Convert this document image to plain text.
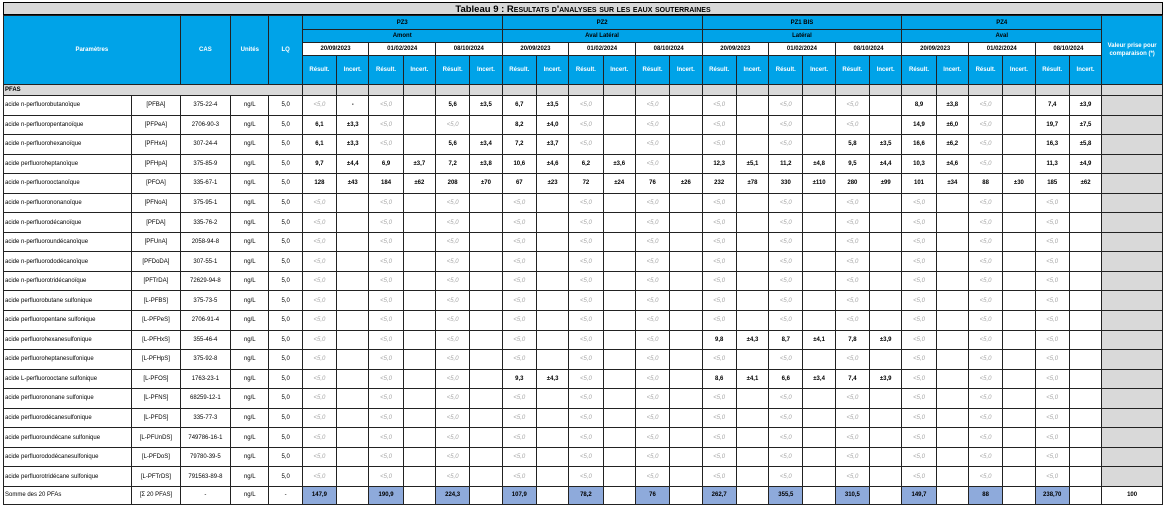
Tableau 9 : Resultats d'analyses sur les eaux souterraines
Paramètres		CAS	Unités	LQ	PZ3						PZ2						PZ1 BIS						PZ4						Valeur prise pour comparaison (*)
					Amont						Aval Latéral						Latéral						Aval						
					20/09/2023		01/02/2024		08/10/2024		20/09/2023		01/02/2024		08/10/2024		20/09/2023		01/02/2024		08/10/2024		20/09/2023		01/02/2024		08/10/2024		
					Résult.	Incert.	Résult.	Incert.	Résult.	Incert.	Résult.	Incert.	Résult.	Incert.	Résult.	Incert.	Résult.	Incert.	Résult.	Incert.	Résult.	Incert.	Résult.	Incert.	Résult.	Incert.	Résult.	Incert.	
PFAS																													
acide n-perfluorobutanoïque	[PFBA]	375-22-4	ng/L	5,0	<5,0	-	<5,0		5,6	±3,5	6,7	±3,5	<5,0		<5,0		<5,0		<5,0		<5,0		8,9	±3,8	<5,0		7,4	±3,9	
acide n-perfluoropentanoïque	[PFPeA]	2706-90-3	ng/L	5,0	6,1	±3,3	<5,0		<5,0		8,2	±4,0	<5,0		<5,0		<5,0		<5,0		<5,0		14,9	±6,0	<5,0		19,7	±7,5	
acide n-perfluorohexanoïque	[PFHxA]	307-24-4	ng/L	5,0	6,1	±3,3	<5,0		5,6	±3,4	7,2	±3,7	<5,0		<5,0		<5,0		<5,0		5,8	±3,5	16,6	±6,2	<5,0		16,3	±5,8	
acide perfluoroheptanoïque	[PFHpA]	375-85-9	ng/L	5,0	9,7	±4,4	6,9	±3,7	7,2	±3,8	10,6	±4,6	6,2	±3,6	<5,0		12,3	±5,1	11,2	±4,8	9,5	±4,4	10,3	±4,6	<5,0		11,3	±4,9	
acide n-perfluorooctanoïque	[PFOA]	335-67-1	ng/L	5,0	128	±43	184	±62	208	±70	67	±23	72	±24	76	±26	232	±78	330	±110	280	±99	101	±34	88	±30	185	±62	
acide n-perfluorononanoïque	[PFNoA]	375-95-1	ng/L	5,0	<5,0		<5,0		<5,0		<5,0		<5,0		<5,0		<5,0		<5,0		<5,0		<5,0		<5,0		<5,0		
acide n-perfluorodécanoïque	[PFDA]	335-76-2	ng/L	5,0	<5,0		<5,0		<5,0		<5,0		<5,0		<5,0		<5,0		<5,0		<5,0		<5,0		<5,0		<5,0		
acide n-perfluoroundécanoïque	[PFUnA]	2058-94-8	ng/L	5,0	<5,0		<5,0		<5,0		<5,0		<5,0		<5,0		<5,0		<5,0		<5,0		<5,0		<5,0		<5,0		
acide n-perfluorododécanoïque	[PFDoDA]	307-55-1	ng/L	5,0	<5,0		<5,0		<5,0		<5,0		<5,0		<5,0		<5,0		<5,0		<5,0		<5,0		<5,0		<5,0		
acide n-perfluorotridécanoïque	[PFTrDA]	72629-94-8	ng/L	5,0	<5,0		<5,0		<5,0		<5,0		<5,0		<5,0		<5,0		<5,0		<5,0		<5,0		<5,0		<5,0		
acide perfluorobutane sulfonique	[L-PFBS]	375-73-5	ng/L	5,0	<5,0		<5,0		<5,0		<5,0		<5,0		<5,0		<5,0		<5,0		<5,0		<5,0		<5,0		<5,0		
acide perfluoropentane sulfonique	[L-PFPeS]	2706-91-4	ng/L	5,0	<5,0		<5,0		<5,0		<5,0		<5,0		<5,0		<5,0		<5,0		<5,0		<5,0		<5,0		<5,0		
acide perfluorohexanesulfonique	[L-PFHxS]	355-46-4	ng/L	5,0	<5,0		<5,0		<5,0		<5,0		<5,0		<5,0		9,8	±4,3	8,7	±4,1	7,8	±3,9	<5,0		<5,0		<5,0		
acide perfluoroheptanesulfonique	[L-PFHpS]	375-92-8	ng/L	5,0	<5,0		<5,0		<5,0		<5,0		<5,0		<5,0		<5,0		<5,0		<5,0		<5,0		<5,0		<5,0		
acide L-perfluorooctane sulfonique	[L-PFOS]	1763-23-1	ng/L	5,0	<5,0		<5,0		<5,0		9,3	±4,3	<5,0		<5,0		8,6	±4,1	6,6	±3,4	7,4	±3,9	<5,0		<5,0		<5,0		
acide perfluorononane sulfonique	[L-PFNS]	68259-12-1	ng/L	5,0	<5,0		<5,0		<5,0		<5,0		<5,0		<5,0		<5,0		<5,0		<5,0		<5,0		<5,0		<5,0		
acide perfluorodécanesulfonique	[L-PFDS]	335-77-3	ng/L	5,0	<5,0		<5,0		<5,0		<5,0		<5,0		<5,0		<5,0		<5,0		<5,0		<5,0		<5,0		<5,0		
acide perfluoroundécane sulfonique	[L-PFUnDS]	749786-16-1	ng/L	5,0	<5,0		<5,0		<5,0		<5,0		<5,0		<5,0		<5,0		<5,0		<5,0		<5,0		<5,0		<5,0		
acide perfluorododécanesulfonique	[L-PFDoS]	79780-39-5	ng/L	5,0	<5,0		<5,0		<5,0		<5,0		<5,0		<5,0		<5,0		<5,0		<5,0		<5,0		<5,0		<5,0		
acide perfluorotridécane sulfonique	[L-PFTrDS]	791563-89-8	ng/L	5,0	<5,0		<5,0		<5,0		<5,0		<5,0		<5,0		<5,0		<5,0		<5,0		<5,0		<5,0		<5,0		
Somme des 20 PFAs	[Σ 20 PFAS]	-	ng/L	-	147,9		190,9		224,3		107,9		78,2		76		262,7		355,5		310,5		149,7		88		238,70		100
